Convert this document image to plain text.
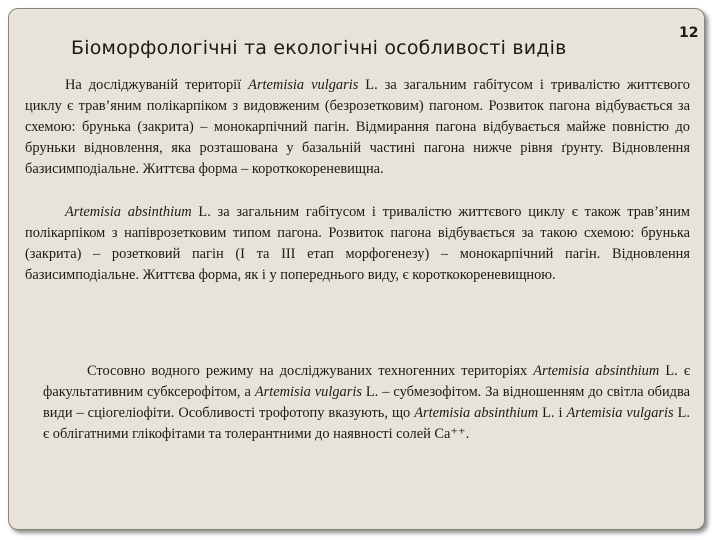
Біоморфологічні та екологічні особливості видів
12

На досліджуваній території Artemisia vulgaris L. за загальним габітусом і тривалістю життєвого циклу є трав’яним полікарпіком з видовженим (безрозетковим) пагоном. Розвиток пагона відбувається за схемою: брунька (закрита) – монокарпічний пагін. Відмирання пагона відбувається майже повністю до бруньки відновлення, яка розташована у базальній частині пагона нижче рівня ґрунту. Відновлення базисимподіальне. Життєва форма – короткокореневищна.

Artemisia absinthium L. за загальним габітусом і тривалістю життєвого циклу є також трав’яним полікарпіком з напіврозетковим типом пагона. Розвиток пагона відбувається за такою схемою: брунька (закрита) – розетковий пагін (I та III етап морфогенезу) – монокарпічний пагін. Відновлення базисимподіальне. Життєва форма, як і у попереднього виду, є короткокореневищною.

Стосовно водного режиму на досліджуваних техногенних територіях Artemisia absinthium L. є факультативним субксерофітом, а Artemisia vulgaris L. – субмезофітом. За відношенням до світла обидва види – сціогеліофіти. Особливості трофотопу вказують, що Artemisia absinthium L. і Artemisia vulgaris L. є облігатними глікофітами та толерантними до наявності солей Ca⁺⁺.
